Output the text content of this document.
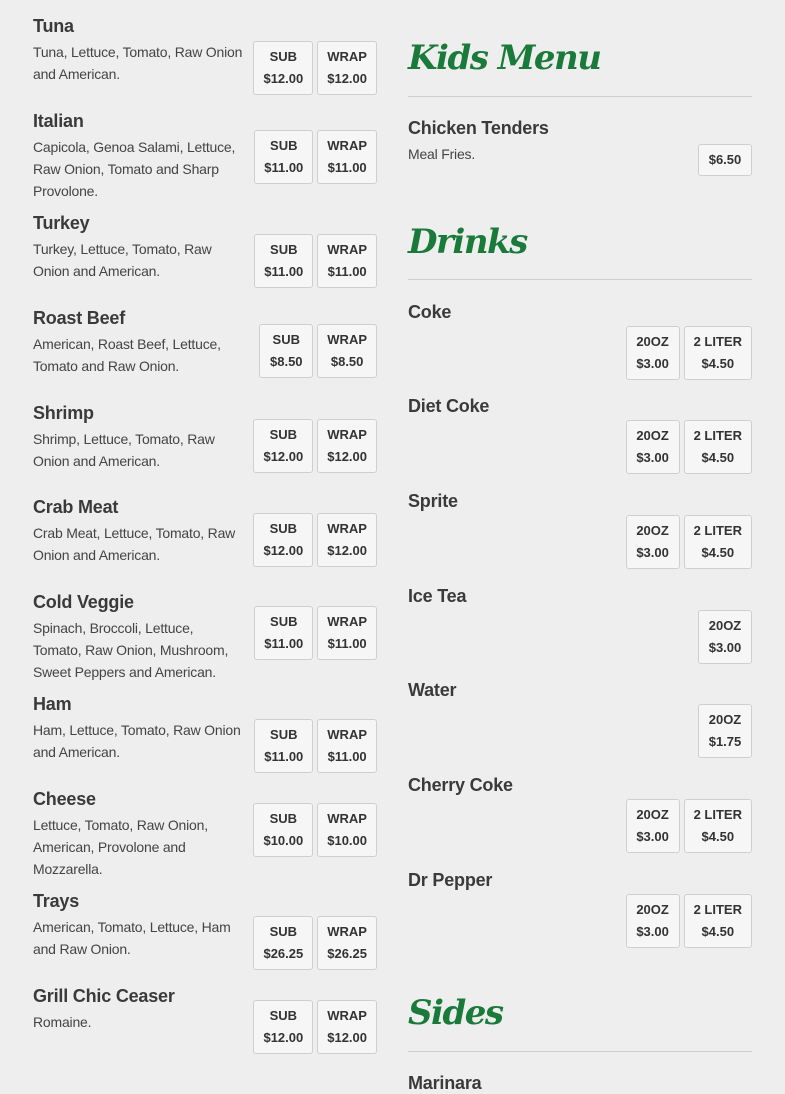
Tuna
Tuna, Lettuce, Tomato, Raw Onion and American.
SUB
$12.00
WRAP
$12.00
Italian
Capicola, Genoa Salami, Lettuce, Raw Onion, Tomato and Sharp Provolone.
SUB
$11.00
WRAP
$11.00
Turkey
Turkey, Lettuce, Tomato, Raw Onion and American.
SUB
$11.00
WRAP
$11.00
Roast Beef
American, Roast Beef, Lettuce, Tomato and Raw Onion.
SUB
$8.50
WRAP
$8.50
Shrimp
Shrimp, Lettuce, Tomato, Raw Onion and American.
SUB
$12.00
WRAP
$12.00
Crab Meat
Crab Meat, Lettuce, Tomato, Raw Onion and American.
SUB
$12.00
WRAP
$12.00
Cold Veggie
Spinach, Broccoli, Lettuce, Tomato, Raw Onion, Mushroom, Sweet Peppers and American.
SUB
$11.00
WRAP
$11.00
Ham
Ham, Lettuce, Tomato, Raw Onion and American.
SUB
$11.00
WRAP
$11.00
Cheese
Lettuce, Tomato, Raw Onion, American, Provolone and Mozzarella.
SUB
$10.00
WRAP
$10.00
Trays
American, Tomato, Lettuce, Ham and Raw Onion.
SUB
$26.25
WRAP
$26.25
Grill Chic Ceaser
Romaine.	SUB
$12.00
WRAP
$12.00
Kids Menu
Chicken Tenders
Meal Fries.	$6.50
Drinks
Coke
20OZ
$3.00
2 LITER
$4.50
Diet Coke
20OZ
$3.00
2 LITER
$4.50
Sprite
20OZ
$3.00
2 LITER
$4.50
Ice Tea
20OZ
$3.00
Water
20OZ
$1.75
Cherry Coke
20OZ
$3.00
2 LITER
$4.50
Dr Pepper
20OZ
$3.00
2 LITER
$4.50
Sides
Marinara
